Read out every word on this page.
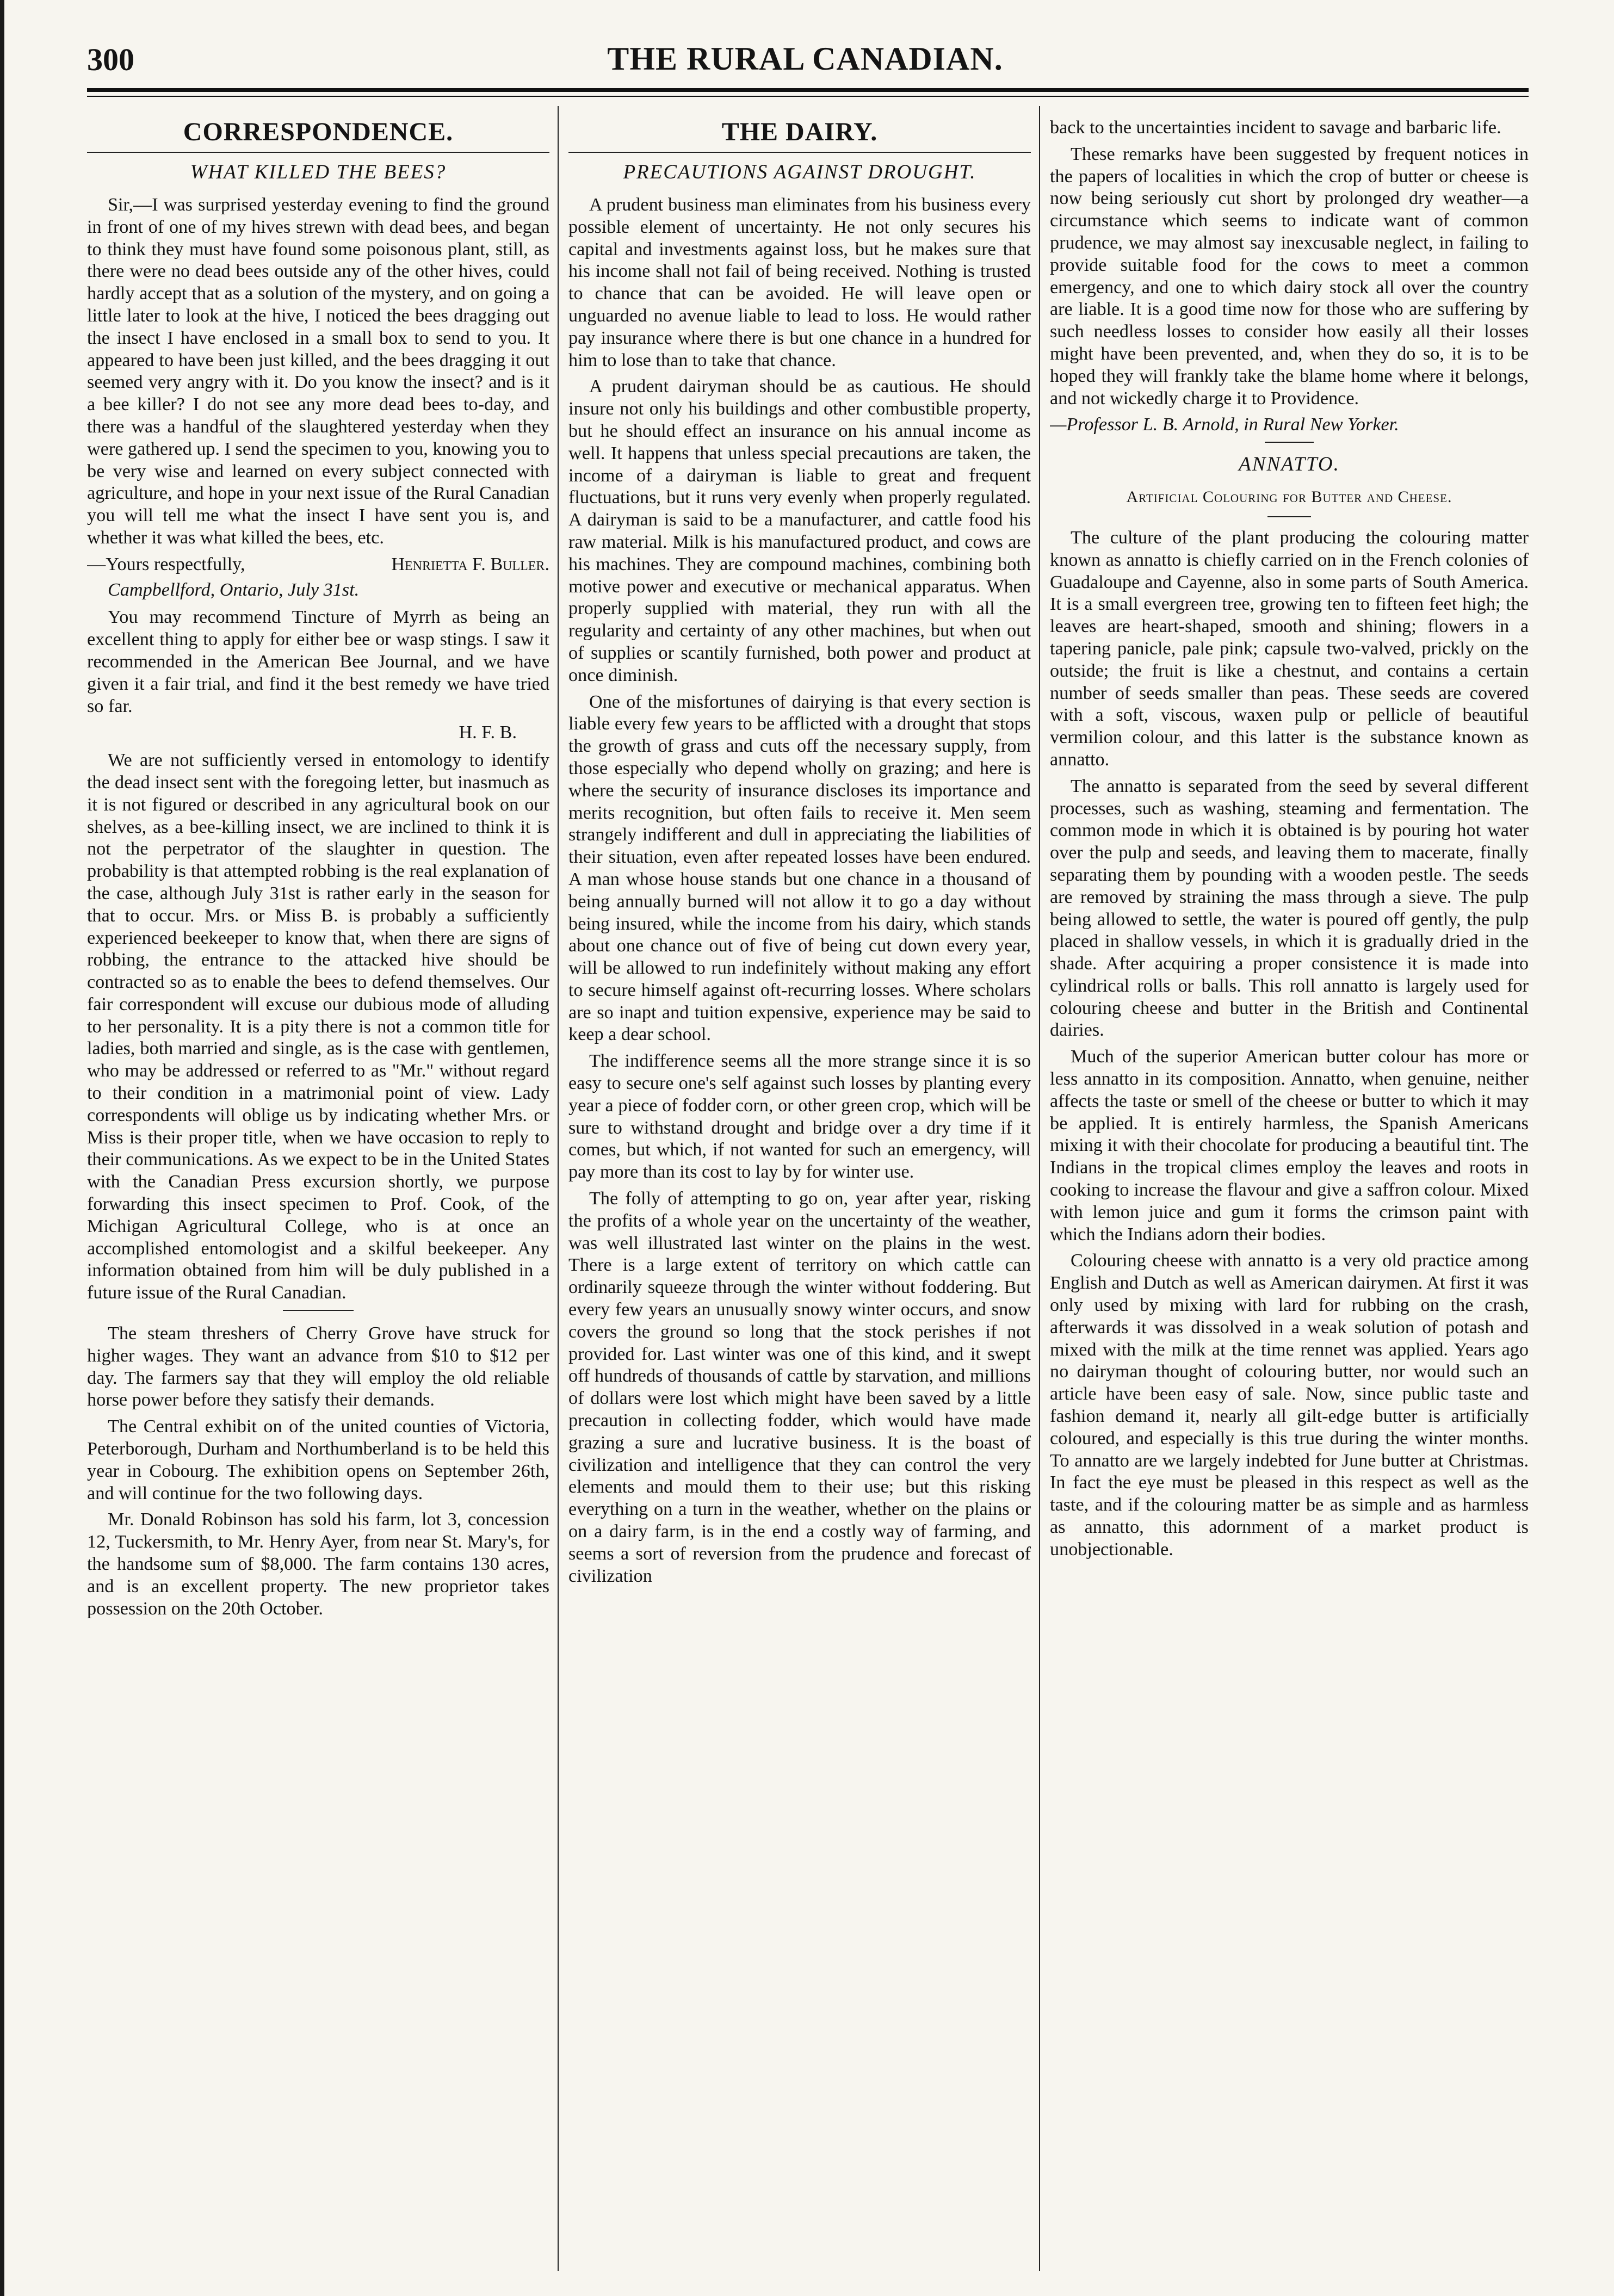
300	THE RURAL CANADIAN.
CORRESPONDENCE.
WHAT KILLED THE BEES?

Sir,—I was surprised yesterday evening to find the ground in front of one of my hives strewn with dead bees, and began to think they must have found some poisonous plant, still, as there were no dead bees outside any of the other hives, could hardly accept that as a solution of the mystery, and on going a little later to look at the hive, I noticed the bees dragging out the insect I have enclosed in a small box to send to you. It appeared to have been just killed, and the bees dragging it out seemed very angry with it. Do you know the insect? and is it a bee killer? I do not see any more dead bees to-day, and there was a handful of the slaughtered yesterday when they were gathered up. I send the specimen to you, knowing you to be very wise and learned on every subject connected with agriculture, and hope in your next issue of the Rural Canadian you will tell me what the insect I have sent you is, and whether it was what killed the bees, etc.

—Yours respectfully,	Henrietta F. Buller.
Campbellford, Ontario, July 31st.

You may recommend Tincture of Myrrh as being an excellent thing to apply for either bee or wasp stings. I saw it recommended in the American Bee Journal, and we have given it a fair trial, and find it the best remedy we have tried so far.

H. F. B.

We are not sufficiently versed in entomology to identify the dead insect sent with the foregoing letter, but inasmuch as it is not figured or described in any agricultural book on our shelves, as a bee-killing insect, we are inclined to think it is not the perpetrator of the slaughter in question. The probability is that attempted robbing is the real explanation of the case, although July 31st is rather early in the season for that to occur. Mrs. or Miss B. is probably a sufficiently experienced beekeeper to know that, when there are signs of robbing, the entrance to the attacked hive should be contracted so as to enable the bees to defend themselves. Our fair correspondent will excuse our dubious mode of alluding to her personality. It is a pity there is not a common title for ladies, both married and single, as is the case with gentlemen, who may be addressed or referred to as "Mr." without regard to their condition in a matrimonial point of view. Lady correspondents will oblige us by indicating whether Mrs. or Miss is their proper title, when we have occasion to reply to their communications. As we expect to be in the United States with the Canadian Press excursion shortly, we purpose forwarding this insect specimen to Prof. Cook, of the Michigan Agricultural College, who is at once an accomplished entomologist and a skilful beekeeper. Any information obtained from him will be duly published in a future issue of the Rural Canadian.

The steam threshers of Cherry Grove have struck for higher wages. They want an advance from $10 to $12 per day. The farmers say that they will employ the old reliable horse power before they satisfy their demands.

The Central exhibit on of the united counties of Victoria, Peterborough, Durham and Northumberland is to be held this year in Cobourg. The exhibition opens on September 26th, and will continue for the two following days.

Mr. Donald Robinson has sold his farm, lot 3, concession 12, Tuckersmith, to Mr. Henry Ayer, from near St. Mary's, for the handsome sum of $8,000. The farm contains 130 acres, and is an excellent property. The new proprietor takes possession on the 20th October.

THE DAIRY.
PRECAUTIONS AGAINST DROUGHT.

A prudent business man eliminates from his business every possible element of uncertainty. He not only secures his capital and investments against loss, but he makes sure that his income shall not fail of being received. Nothing is trusted to chance that can be avoided. He will leave open or unguarded no avenue liable to lead to loss. He would rather pay insurance where there is but one chance in a hundred for him to lose than to take that chance.

A prudent dairyman should be as cautious. He should insure not only his buildings and other combustible property, but he should effect an insurance on his annual income as well. It happens that unless special precautions are taken, the income of a dairyman is liable to great and frequent fluctuations, but it runs very evenly when properly regulated. A dairyman is said to be a manufacturer, and cattle food his raw material. Milk is his manufactured product, and cows are his machines. They are compound machines, combining both motive power and executive or mechanical apparatus. When properly supplied with material, they run with all the regularity and certainty of any other machines, but when out of supplies or scantily furnished, both power and product at once diminish.

One of the misfortunes of dairying is that every section is liable every few years to be afflicted with a drought that stops the growth of grass and cuts off the necessary supply, from those especially who depend wholly on grazing; and here is where the security of insurance discloses its importance and merits recognition, but often fails to receive it. Men seem strangely indifferent and dull in appreciating the liabilities of their situation, even after repeated losses have been endured. A man whose house stands but one chance in a thousand of being annually burned will not allow it to go a day without being insured, while the income from his dairy, which stands about one chance out of five of being cut down every year, will be allowed to run indefinitely without making any effort to secure himself against oft-recurring losses. Where scholars are so inapt and tuition expensive, experience may be said to keep a dear school.

The indifference seems all the more strange since it is so easy to secure one's self against such losses by planting every year a piece of fodder corn, or other green crop, which will be sure to withstand drought and bridge over a dry time if it comes, but which, if not wanted for such an emergency, will pay more than its cost to lay by for winter use.

The folly of attempting to go on, year after year, risking the profits of a whole year on the uncertainty of the weather, was well illustrated last winter on the plains in the west. There is a large extent of territory on which cattle can ordinarily squeeze through the winter without foddering. But every few years an unusually snowy winter occurs, and snow covers the ground so long that the stock perishes if not provided for. Last winter was one of this kind, and it swept off hundreds of thousands of cattle by starvation, and millions of dollars were lost which might have been saved by a little precaution in collecting fodder, which would have made grazing a sure and lucrative business. It is the boast of civilization and intelligence that they can control the very elements and mould them to their use; but this risking everything on a turn in the weather, whether on the plains or on a dairy farm, is in the end a costly way of farming, and seems a sort of reversion from the prudence and forecast of civilization

back to the uncertainties incident to savage and barbaric life.

These remarks have been suggested by frequent notices in the papers of localities in which the crop of butter or cheese is now being seriously cut short by prolonged dry weather—a circumstance which seems to indicate want of common prudence, we may almost say inexcusable neglect, in failing to provide suitable food for the cows to meet a common emergency, and one to which dairy stock all over the country are liable. It is a good time now for those who are suffering by such needless losses to consider how easily all their losses might have been prevented, and, when they do so, it is to be hoped they will frankly take the blame home where it belongs, and not wickedly charge it to Providence.

—Professor L. B. Arnold, in Rural New Yorker.
ANNATTO.
Artificial Colouring for Butter and Cheese.

The culture of the plant producing the colouring matter known as annatto is chiefly carried on in the French colonies of Guadaloupe and Cayenne, also in some parts of South America. It is a small evergreen tree, growing ten to fifteen feet high; the leaves are heart-shaped, smooth and shining; flowers in a tapering panicle, pale pink; capsule two-valved, prickly on the outside; the fruit is like a chestnut, and contains a certain number of seeds smaller than peas. These seeds are covered with a soft, viscous, waxen pulp or pellicle of beautiful vermilion colour, and this latter is the substance known as annatto.

The annatto is separated from the seed by several different processes, such as washing, steaming and fermentation. The common mode in which it is obtained is by pouring hot water over the pulp and seeds, and leaving them to macerate, finally separating them by pounding with a wooden pestle. The seeds are removed by straining the mass through a sieve. The pulp being allowed to settle, the water is poured off gently, the pulp placed in shallow vessels, in which it is gradually dried in the shade. After acquiring a proper consistence it is made into cylindrical rolls or balls. This roll annatto is largely used for colouring cheese and butter in the British and Continental dairies.

Much of the superior American butter colour has more or less annatto in its composition. Annatto, when genuine, neither affects the taste or smell of the cheese or butter to which it may be applied. It is entirely harmless, the Spanish Americans mixing it with their chocolate for producing a beautiful tint. The Indians in the tropical climes employ the leaves and roots in cooking to increase the flavour and give a saffron colour. Mixed with lemon juice and gum it forms the crimson paint with which the Indians adorn their bodies.

Colouring cheese with annatto is a very old practice among English and Dutch as well as American dairymen. At first it was only used by mixing with lard for rubbing on the crash, afterwards it was dissolved in a weak solution of potash and mixed with the milk at the time rennet was applied. Years ago no dairyman thought of colouring butter, nor would such an article have been easy of sale. Now, since public taste and fashion demand it, nearly all gilt-edge butter is artificially coloured, and especially is this true during the winter months. To annatto are we largely indebted for June butter at Christmas. In fact the eye must be pleased in this respect as well as the taste, and if the colouring matter be as simple and as harmless as annatto, this adornment of a market product is unobjectionable.
